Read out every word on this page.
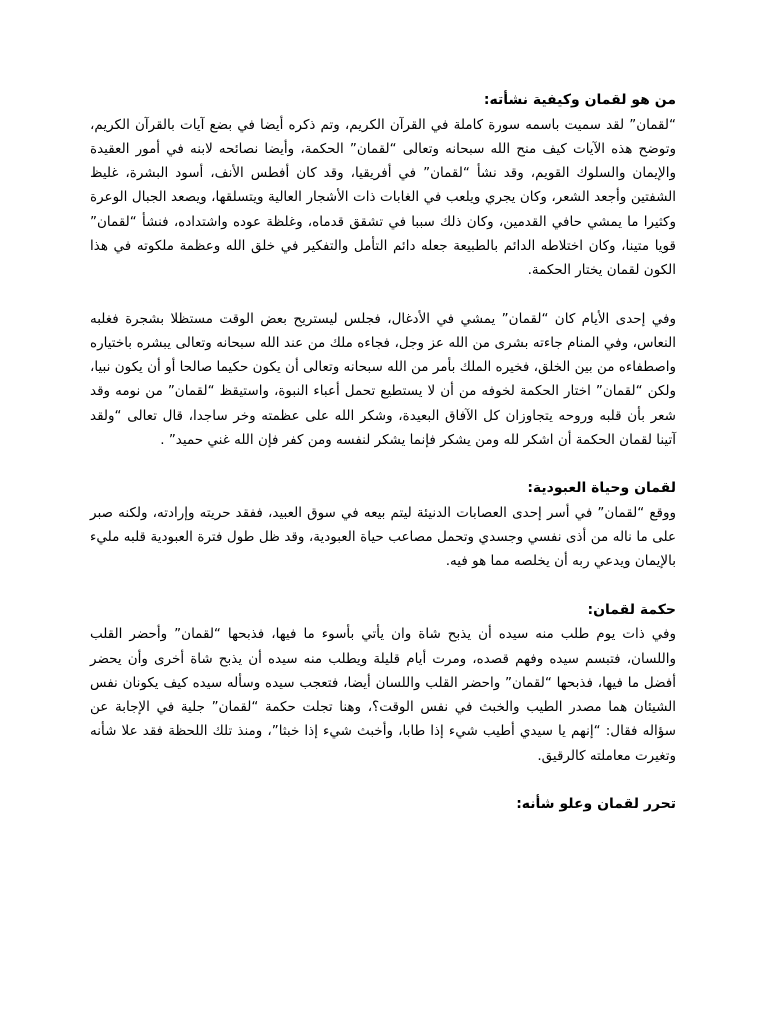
من هو لقمان وكيفية نشأته:

“لقمان” لقد سميت باسمه سورة كاملة في القرآن الكريم، وتم ذكره أيضا في بضع آيات بالقرآن الكريم، وتوضح هذه الآيات كيف منح الله سبحانه وتعالى “لقمان” الحكمة، وأيضا نصائحه لابنه في أمور العقيدة والإيمان والسلوك القويم، وقد نشأ “لقمان” في أفريقيا، وقد كان أفطس الأنف، أسود البشرة، غليظ الشفتين وأجعد الشعر، وكان يجري ويلعب في الغابات ذات الأشجار العالية ويتسلقها، ويصعد الجبال الوعرة وكثيرا ما يمشي حافي القدمين، وكان ذلك سببا في تشقق قدماه، وغلظة عوده واشتداده، فنشأ “لقمان” قويا متينا، وكان اختلاطه الدائم بالطبيعة جعله دائم التأمل والتفكير في خلق الله وعظمة ملكوته في هذا الكون لقمان يختار الحكمة.

وفي إحدى الأيام كان “لقمان” يمشي في الأدغال، فجلس ليستريح بعض الوقت مستظلا بشجرة فغلبه النعاس، وفي المنام جاءته بشرى من الله عز وجل، فجاءه ملك من عند الله سبحانه وتعالى يبشره باختياره واصطفاءه من بين الخلق، فخيره الملك بأمر من الله سبحانه وتعالى أن يكون حكيما صالحا أو أن يكون نبيا، ولكن “لقمان” اختار الحكمة لخوفه من أن لا يستطيع تحمل أعباء النبوة، واستيقظ “لقمان” من نومه وقد شعر بأن قلبه وروحه يتجاوزان كل الآفاق البعيدة، وشكر الله على عظمته وخر ساجدا، قال تعالى “ولقد آتينا لقمان الحكمة أن اشكر لله ومن يشكر فإنما يشكر لنفسه ومن كفر فإن الله غني حميد” .

لقمان وحياة العبودية:

ووقع “لقمان” في أسر إحدى العصابات الدنيئة ليتم بيعه في سوق العبيد، ففقد حريته وإرادته، ولكنه صبر على ما ناله من أذى نفسي وجسدي وتحمل مصاعب حياة العبودية، وقد ظل طول فترة العبودية قلبه مليء بالإيمان ويدعي ربه أن يخلصه مما هو فيه.

حكمة لقمان:

وفي ذات يوم طلب منه سيده أن يذبح شاة وان يأتي بأسوء ما فيها، فذبحها “لقمان” وأحضر القلب واللسان، فتبسم سيده وفهم قصده، ومرت أيام قليلة ويطلب منه سيده أن يذبح شاة أخرى وأن يحضر أفضل ما فيها، فذبحها “لقمان” واحضر القلب واللسان أيضا، فتعجب سيده وسأله سيده كيف يكونان نفس الشيئان هما مصدر الطيب والخبث في نفس الوقت؟، وهنا تجلت حكمة “لقمان” جلية في الإجابة عن سؤاله فقال: “إنهم يا سيدي أطيب شيء إذا طابا، وأخبث شيء إذا خبثا”، ومنذ تلك اللحظة فقد علا شأنه وتغيرت معاملته كالرقيق.

تحرر لقمان وعلو شأنه:
